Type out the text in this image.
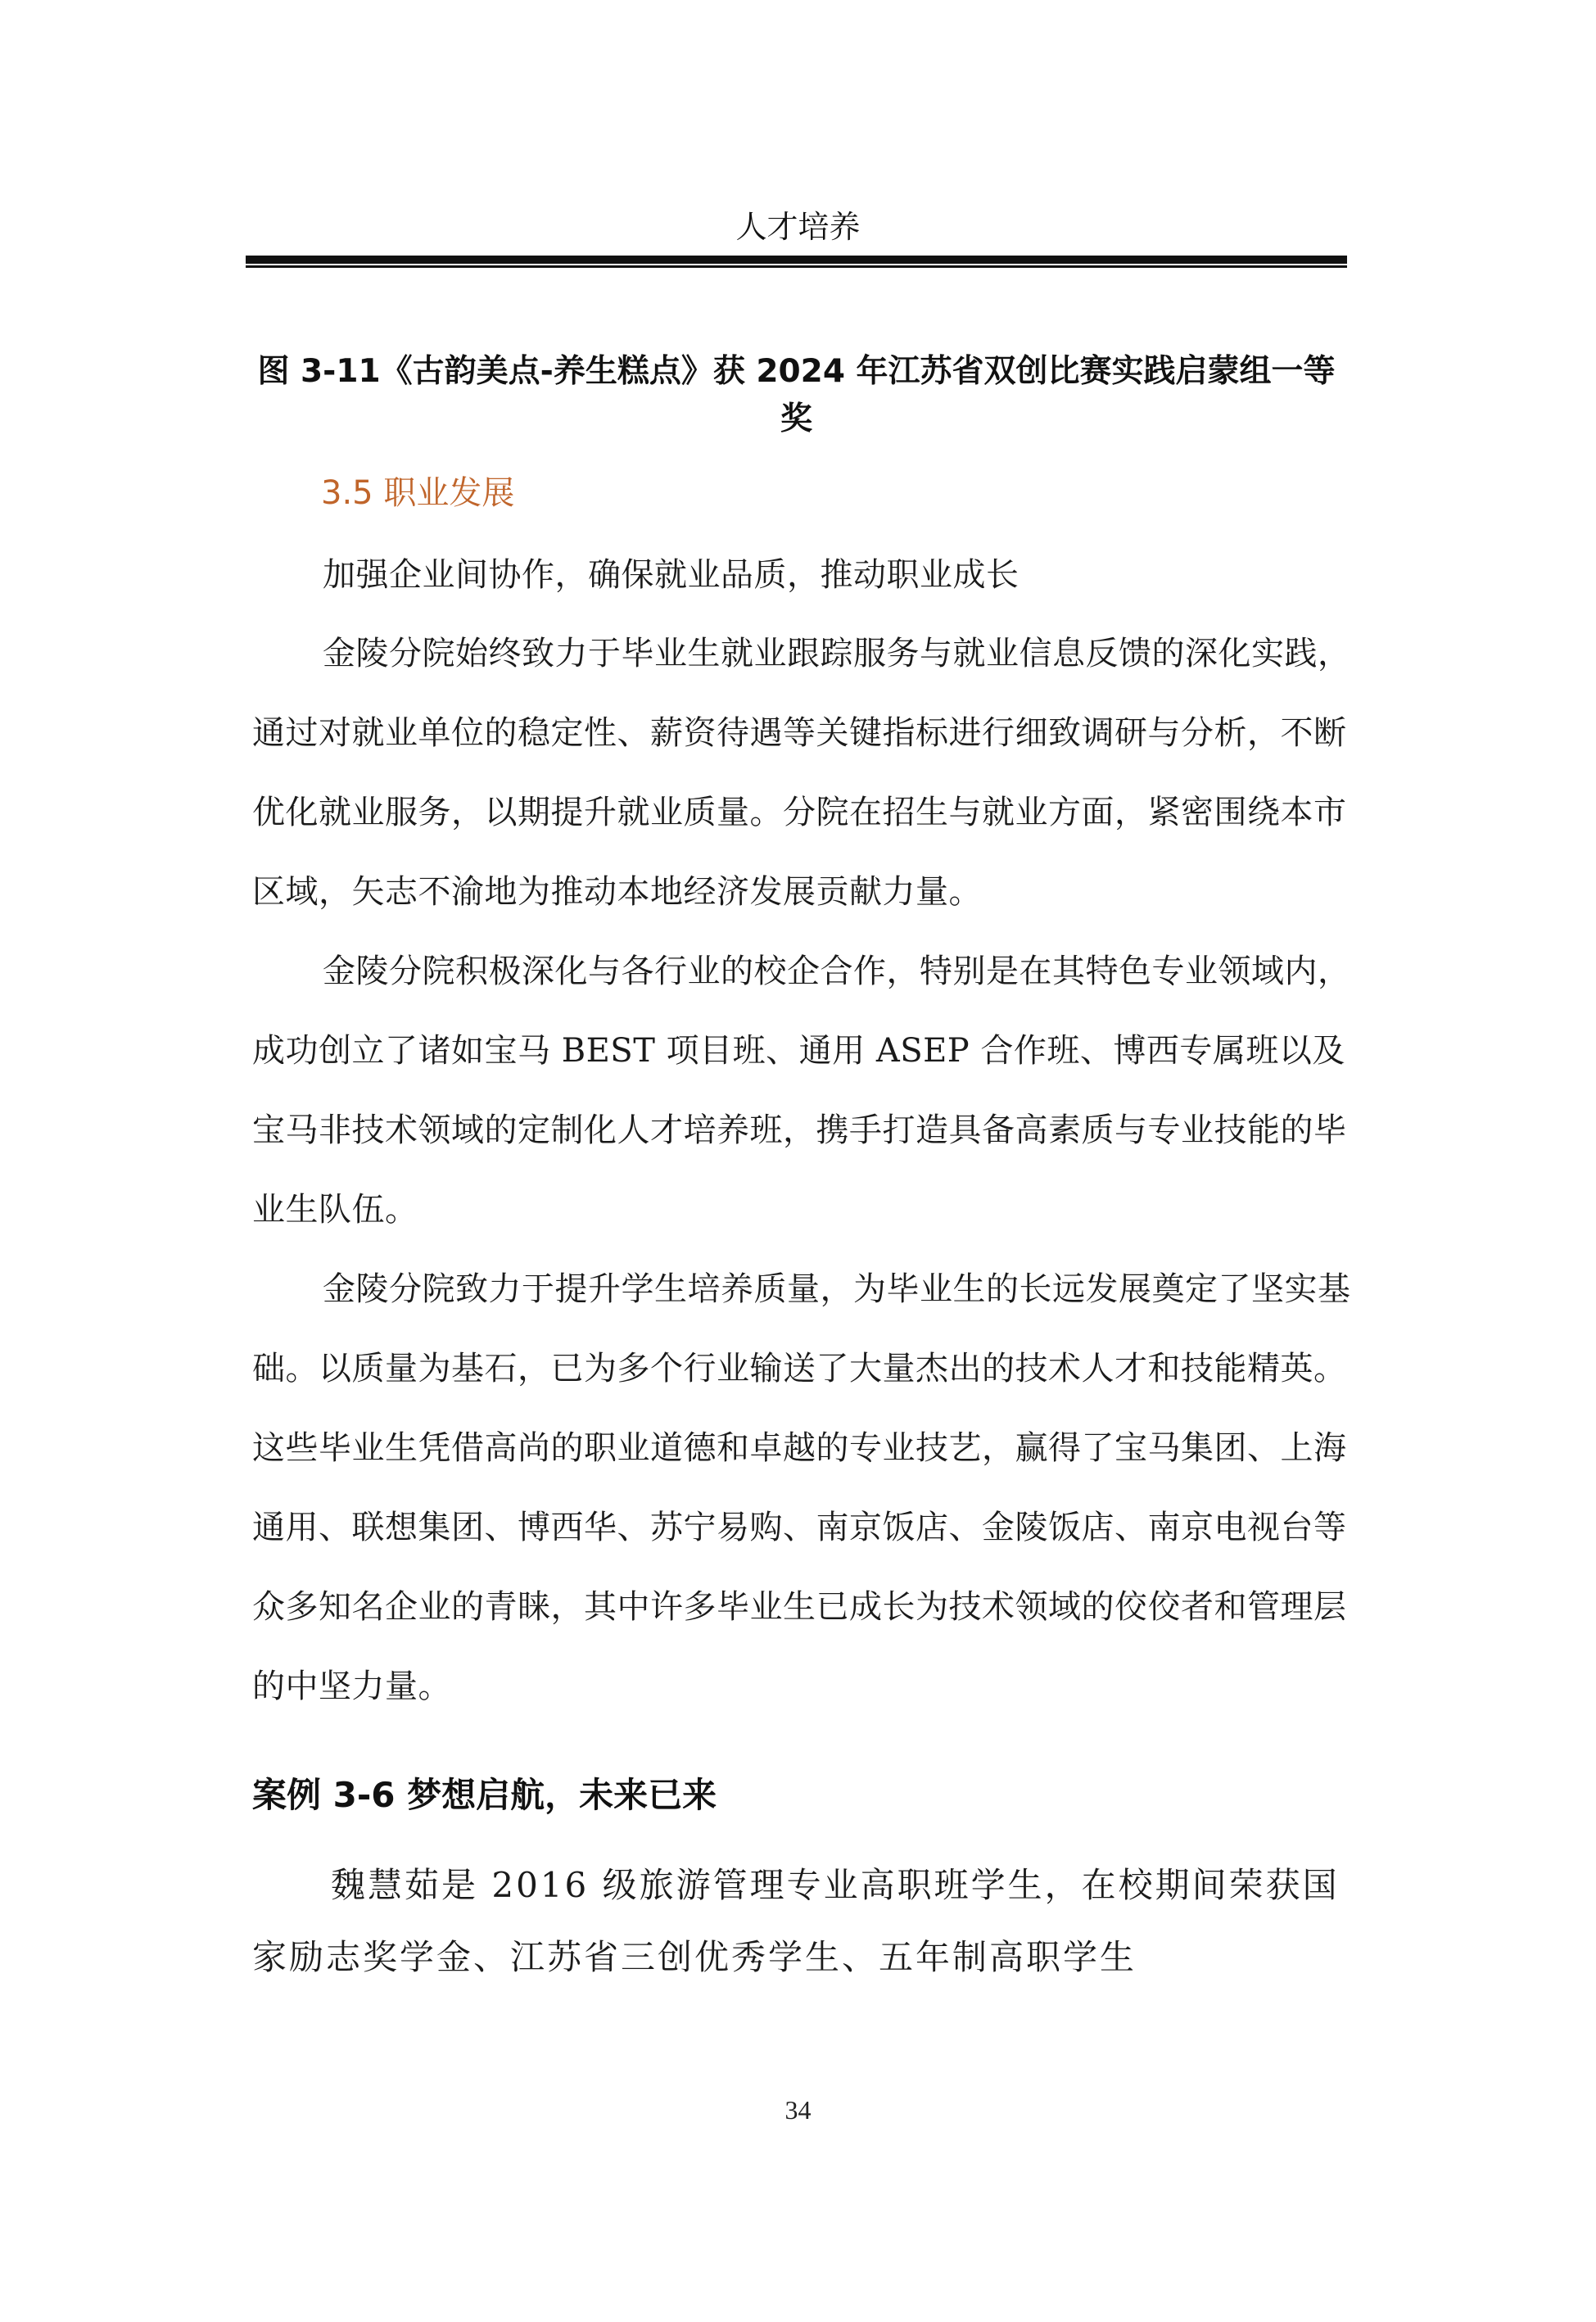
人才培养
图 3-11《古韵美点-养生糕点》获 2024 年江苏省双创比赛实践启蒙组一等奖
3.5 职业发展

加强企业间协作，确保就业品质，推动职业成长

金陵分院始终致力于毕业生就业跟踪服务与就业信息反馈的深化实践，通过对就业单位的稳定性、薪资待遇等关键指标进行细致调研与分析，不断优化就业服务，以期提升就业质量。分院在招生与就业方面，紧密围绕本市区域，矢志不渝地为推动本地经济发展贡献力量。

金陵分院积极深化与各行业的校企合作，特别是在其特色专业领域内，成功创立了诸如宝马 BEST 项目班、通用 ASEP 合作班、博西专属班以及宝马非技术领域的定制化人才培养班，携手打造具备高素质与专业技能的毕业生队伍。

金陵分院致力于提升学生培养质量，为毕业生的长远发展奠定了坚实基础。以质量为基石，已为多个行业输送了大量杰出的技术人才和技能精英。这些毕业生凭借高尚的职业道德和卓越的专业技艺，赢得了宝马集团、上海通用、联想集团、博西华、苏宁易购、南京饭店、金陵饭店、南京电视台等众多知名企业的青睐，其中许多毕业生已成长为技术领域的佼佼者和管理层的中坚力量。

案例 3-6 梦想启航，未来已来

魏慧茹是 2016 级旅游管理专业高职班学生，在校期间荣获国家励志奖学金、江苏省三创优秀学生、五年制高职学生

34
